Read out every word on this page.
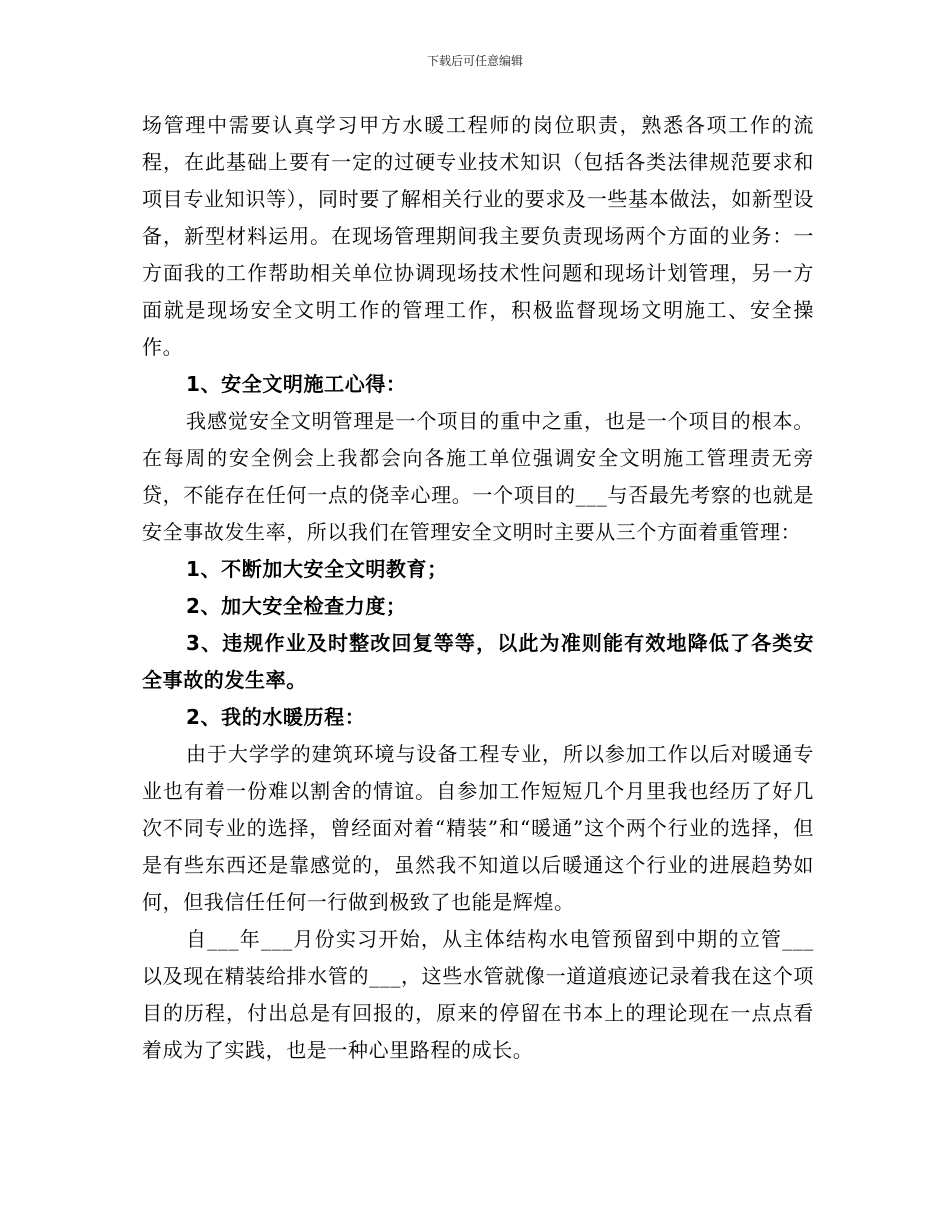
下载后可任意编辑

场管理中需要认真学习甲方水暖工程师的岗位职责，熟悉各项工作的流程，在此基础上要有一定的过硬专业技术知识（包括各类法律规范要求和项目专业知识等），同时要了解相关行业的要求及一些基本做法，如新型设备，新型材料运用。在现场管理期间我主要负责现场两个方面的业务：一方面我的工作帮助相关单位协调现场技术性问题和现场计划管理，另一方面就是现场安全文明工作的管理工作，积极监督现场文明施工、安全操作。

1、安全文明施工心得：

我感觉安全文明管理是一个项目的重中之重，也是一个项目的根本。在每周的安全例会上我都会向各施工单位强调安全文明施工管理责无旁贷，不能存在任何一点的侥幸心理。一个项目的___与否最先考察的也就是安全事故发生率，所以我们在管理安全文明时主要从三个方面着重管理：

1、不断加大安全文明教育；

2、加大安全检查力度；

3、违规作业及时整改回复等等，以此为准则能有效地降低了各类安全事故的发生率。

2、我的水暖历程：

由于大学学的建筑环境与设备工程专业，所以参加工作以后对暖通专业也有着一份难以割舍的情谊。自参加工作短短几个月里我也经历了好几次不同专业的选择，曾经面对着“精装”和“暖通”这个两个行业的选择，但是有些东西还是靠感觉的，虽然我不知道以后暖通这个行业的进展趋势如何，但我信任任何一行做到极致了也能是辉煌。

自___年___月份实习开始，从主体结构水电管预留到中期的立管___以及现在精装给排水管的___，这些水管就像一道道痕迹记录着我在这个项目的历程，付出总是有回报的，原来的停留在书本上的理论现在一点点看着成为了实践，也是一种心里路程的成长。
